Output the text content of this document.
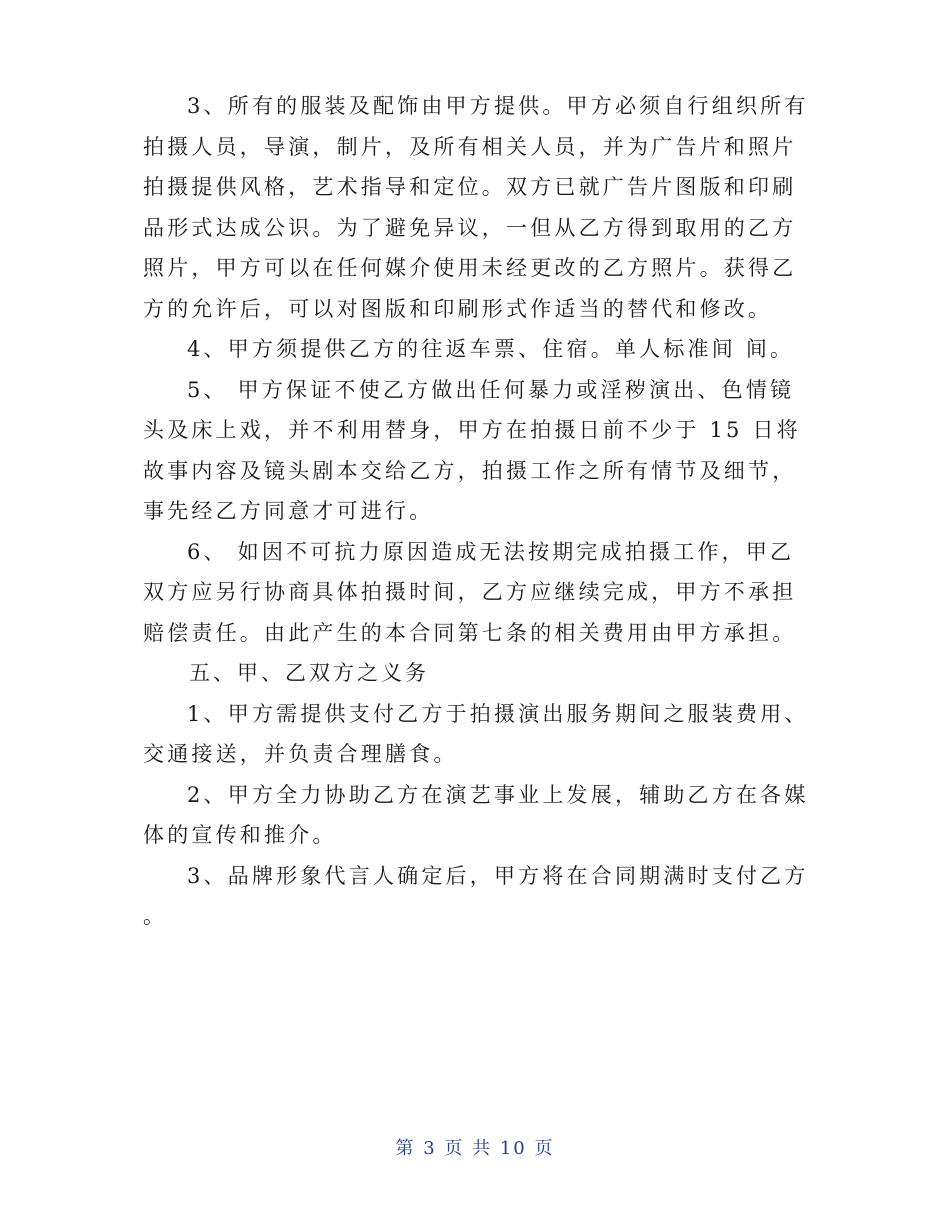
3、所有的服装及配饰由甲方提供。甲方必须自行组织所有拍摄人员，导演，制片，及所有相关人员，并为广告片和照片拍摄提供风格，艺术指导和定位。双方已就广告片图版和印刷品形式达成公识。为了避免异议，一但从乙方得到取用的乙方照片，甲方可以在任何媒介使用未经更改的乙方照片。获得乙方的允许后，可以对图版和印刷形式作适当的替代和修改。

4、甲方须提供乙方的往返车票、住宿。单人标准间 间。

5、 甲方保证不使乙方做出任何暴力或淫秽演出、色情镜头及床上戏，并不利用替身，甲方在拍摄日前不少于 15 日将故事内容及镜头剧本交给乙方，拍摄工作之所有情节及细节，事先经乙方同意才可进行。

6、 如因不可抗力原因造成无法按期完成拍摄工作，甲乙双方应另行协商具体拍摄时间，乙方应继续完成，甲方不承担赔偿责任。由此产生的本合同第七条的相关费用由甲方承担。

五、甲、乙双方之义务

1、甲方需提供支付乙方于拍摄演出服务期间之服装费用、交通接送，并负责合理膳食。

2、甲方全力协助乙方在演艺事业上发展，辅助乙方在各媒体的宣传和推介。

3、品牌形象代言人确定后，甲方将在合同期满时支付乙方 。

第 3 页 共 10 页
